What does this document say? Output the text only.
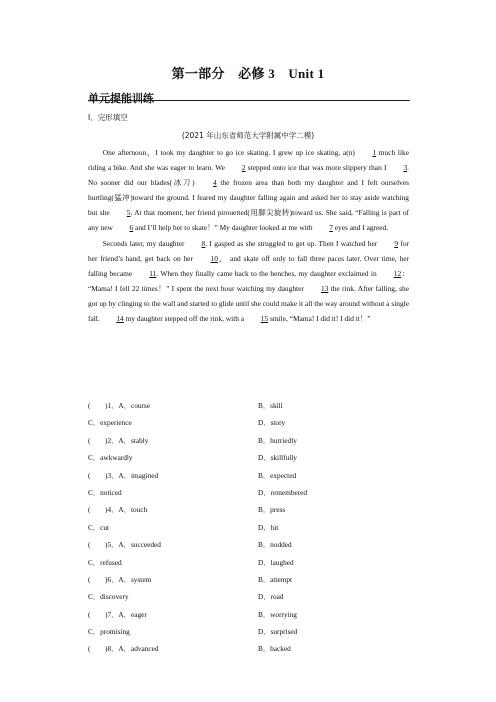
第一部分　必修 3　Unit 1
单元提能训练
Ⅰ．完形填空
(2021 年山东省师范大学附属中学二模)

One afternoon，I took my daughter to go ice skating. I grew up ice skating, a(n) 1 much like riding a bike. And she was eager to learn. We 2 stepped onto ice that was more slippery than I 3. No sooner did our blades(冰刀) 4 the frozen area than both my daughter and I felt ourselves hurtling(猛冲)toward the ground. I feared my daughter falling again and asked her to stay aside watching but she 5. At that moment, her friend pirouetted(用脚尖旋转)toward us. She said, “Falling is part of any new 6 and I’ll help her to skate！” My daughter looked at me with 7 eyes and I agreed.

Seconds later, my daughter 8. I gasped as she struggled to get up. Then I watched her 9 for her friend’s hand, get back on her 10， and skate off only to fall three paces later. Over time, her falling became 11. When they finally came back to the benches, my daughter exclaimed in 12： “Mama! I fell 22 times！” I spent the next hour watching my daughter 13 the rink. After falling, she got up by clinging to the wall and started to glide until she could make it all the way around without a single fall. 14 my daughter stepped off the rink, with a 15 smile, “Mama! I did it! I did it！”

(　　)1．A．course	B．skill
C．experience	D．story
(　　)2．A．stably	B．hurriedly
C．awkwardly	D．skillfully
(　　)3．A．imagined	B．expected
C．noticed	D．remembered
(　　)4．A．touch	B．press
C．cut	D．hit
(　　)5．A．succeeded	B．nodded
C．refused	D．laughed
(　　)6．A．system	B．attempt
C．discovery	D．road
(　　)7．A．eager	B．worrying
C．promising	D．surprised
(　　)8．A．advanced	B．backed
